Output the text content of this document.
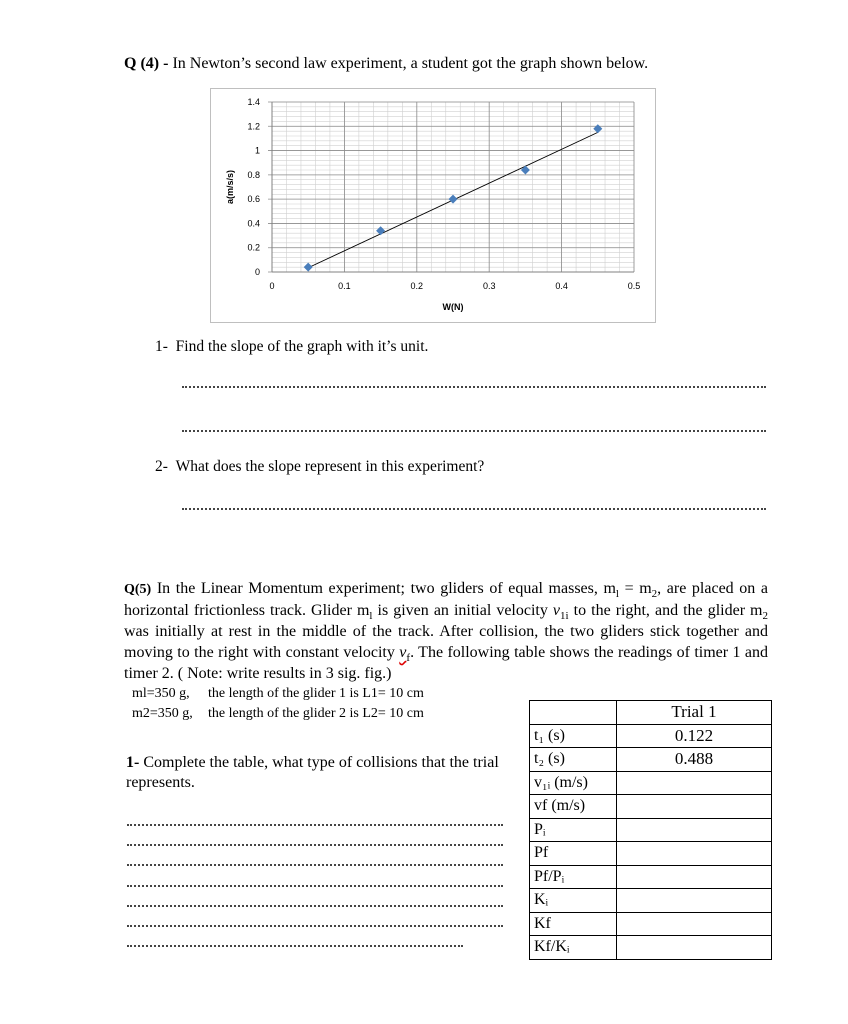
Q (4) - In Newton’s second law experiment, a student got the graph shown below.
0	0.1	0.2	0.3	0.4	0.5
0
0.2
0.4
0.6
0.8
1
1.2
1.4
W(N)
a(m/s/s)
1- Find the slope of the graph with it’s unit.
2- What does the slope represent in this experiment?

Q(5) In the Linear Momentum experiment; two gliders of equal masses, $m_l = m_2$, are placed on a horizontal frictionless track. Glider $m_l$ is given an initial velocity $v_{1i}$ to the right, and the glider $m_2$ was initially at rest in the middle of the track. After collision, the two gliders stick together and moving to the right with constant velocity $v_f$. The following table shows the readings of timer 1 and timer 2. ( Note: write results in 3 sig. fig.)

ml=350 g,	the length of the glider 1 is L1= 10 cm
m2=350 g,	the length of the glider 2 is L2= 10 cm
1- Complete the table, what type of collisions that the trial represents.
	Trial 1
t₁ (s)	0.122
t₂ (s)	0.488
v₁ᵢ (m/s)	
vf (m/s)	
Pᵢ	
Pf	
Pf/Pᵢ	
Kᵢ	
Kf	
Kf/Kᵢ	
